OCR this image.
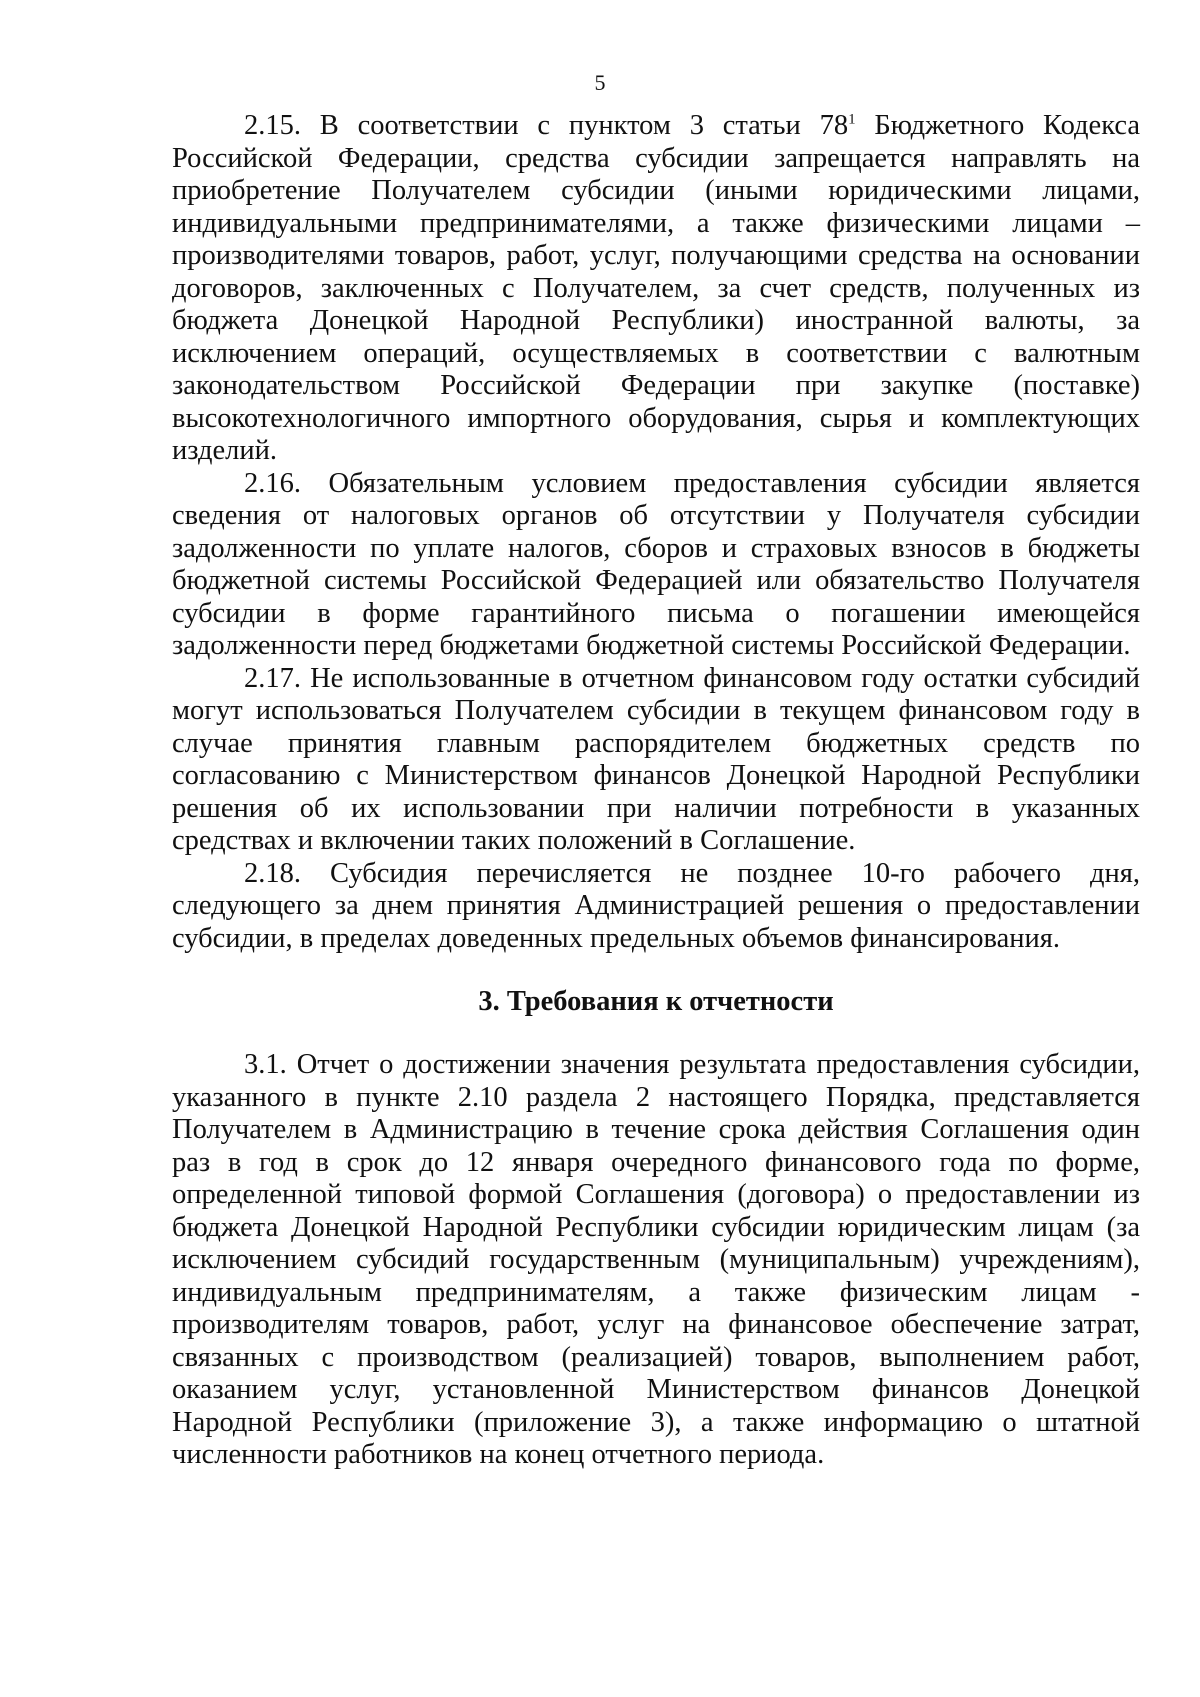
5

2.15. В соответствии с пунктом 3 статьи 78$^1$ Бюджетного Кодекса Российской Федерации, средства субсидии запрещается направлять на приобретение Получателем субсидии (иными юридическими лицами, индивидуальными предпринимателями, а также физическими лицами – производителями товаров, работ, услуг, получающими средства на основании договоров, заключенных с Получателем, за счет средств, полученных из бюджета Донецкой Народной Республики) иностранной валюты, за исключением операций, осуществляемых в соответствии с валютным законодательством Российской Федерации при закупке (поставке) высокотехнологичного импортного оборудования, сырья и комплектующих изделий.

2.16. Обязательным условием предоставления субсидии является сведения от налоговых органов об отсутствии у Получателя субсидии задолженности по уплате налогов, сборов и страховых взносов в бюджеты бюджетной системы Российской Федерацией или обязательство Получателя субсидии в форме гарантийного письма о погашении имеющейся задолженности перед бюджетами бюджетной системы Российской Федерации.

2.17. Не использованные в отчетном финансовом году остатки субсидий могут использоваться Получателем субсидии в текущем финансовом году в случае принятия главным распорядителем бюджетных средств по согласованию с Министерством финансов Донецкой Народной Республики решения об их использовании при наличии потребности в указанных средствах и включении таких положений в Соглашение.

2.18. Субсидия перечисляется не позднее 10-го рабочего дня, следующего за днем принятия Администрацией решения о предоставлении субсидии, в пределах доведенных предельных объемов финансирования.

3. Требования к отчетности

3.1. Отчет о достижении значения результата предоставления субсидии, указанного в пункте 2.10 раздела 2 настоящего Порядка, представляется Получателем в Администрацию в течение срока действия Соглашения один раз в год в срок до 12 января очередного финансового года по форме, определенной типовой формой Соглашения (договора) о предоставлении из бюджета Донецкой Народной Республики субсидии юридическим лицам (за исключением субсидий государственным (муниципальным) учреждениям), индивидуальным предпринимателям, а также физическим лицам - производителям товаров, работ, услуг на финансовое обеспечение затрат, связанных с производством (реализацией) товаров, выполнением работ, оказанием услуг, установленной Министерством финансов Донецкой Народной Республики (приложение 3), а также информацию о штатной численности работников на конец отчетного периода.
